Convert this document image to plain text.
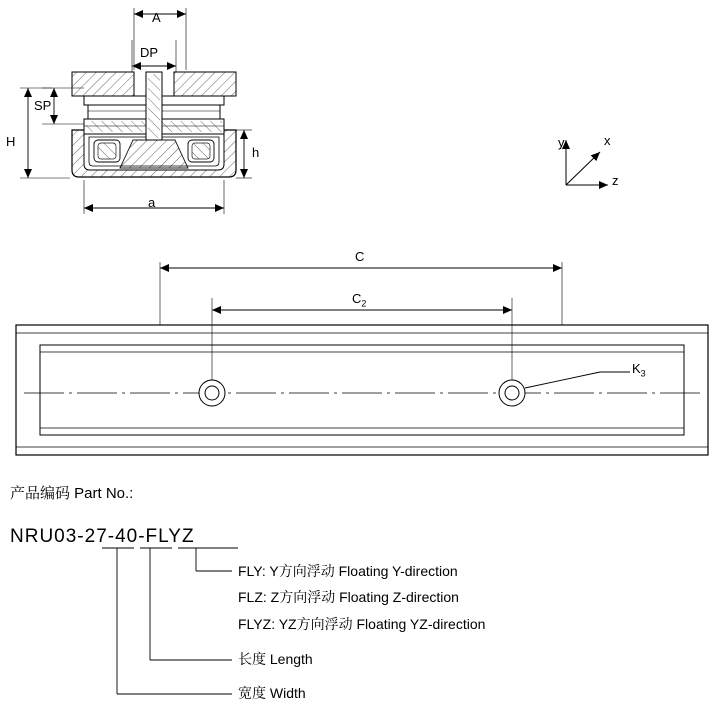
A
DP
SP
H
h
a
y	x
z
C
$C_2$
$K_3$
产品编码 Part No.:
NRU03-27-40-FLYZ
FLY: Y方向浮动 Floating Y-direction
FLZ: Z方向浮动 Floating Z-direction
FLYZ: YZ方向浮动 Floating YZ-direction
长度 Length
宽度 Width
